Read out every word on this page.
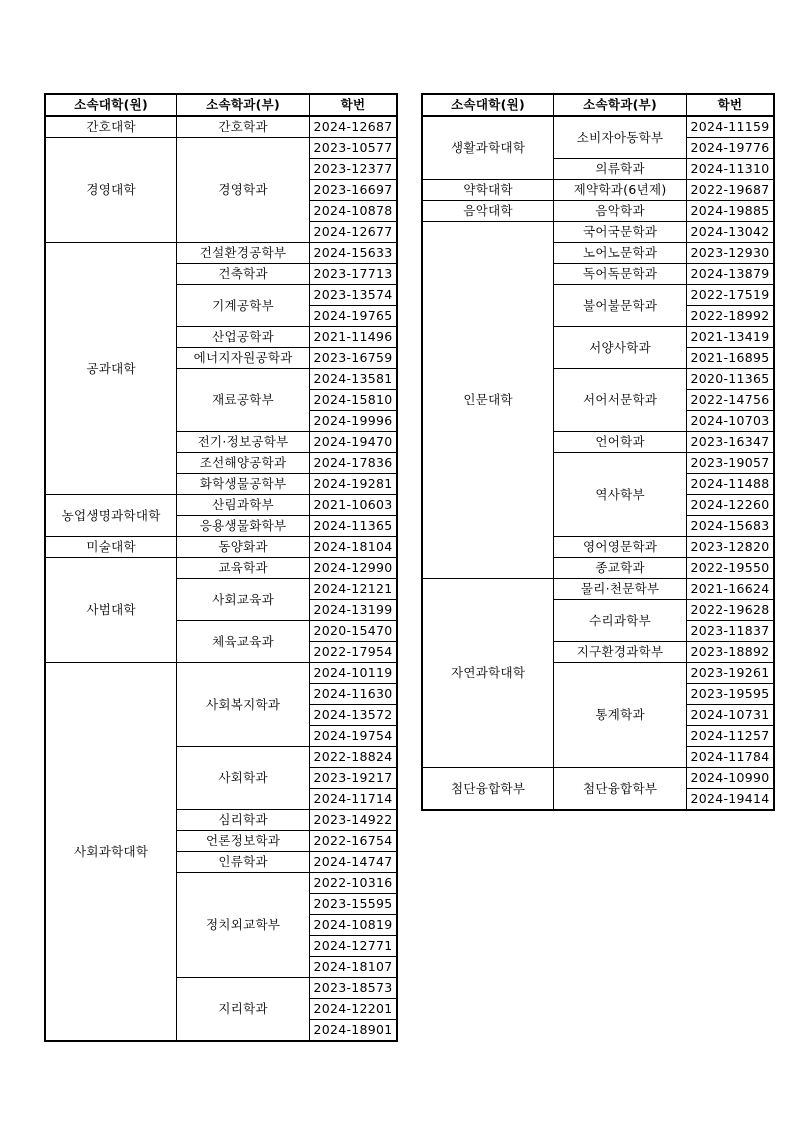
소속대학(원)	소속학과(부)	학번
간호대학	간호학과	2024-12687
경영대학	경영학과	2023-10577
		2023-12377
		2023-16697
		2024-10878
		2024-12677
공과대학	건설환경공학부	2024-15633
	건축학과	2023-17713
	기계공학부	2023-13574
		2024-19765
	산업공학과	2021-11496
	에너지자원공학과	2023-16759
	재료공학부	2024-13581
		2024-15810
		2024-19996
	전기·정보공학부	2024-19470
	조선해양공학과	2024-17836
	화학생물공학부	2024-19281
농업생명과학대학	산림과학부	2021-10603
	응용생물화학부	2024-11365
미술대학	동양화과	2024-18104
사범대학	교육학과	2024-12990
	사회교육과	2024-12121
		2024-13199
	체육교육과	2020-15470
		2022-17954
사회과학대학	사회복지학과	2024-10119
		2024-11630
		2024-13572
		2024-19754
	사회학과	2022-18824
		2023-19217
		2024-11714
	심리학과	2023-14922
	언론정보학과	2022-16754
	인류학과	2024-14747
	정치외교학부	2022-10316
		2023-15595
		2024-10819
		2024-12771
		2024-18107
	지리학과	2023-18573
		2024-12201
		2024-18901
소속대학(원)	소속학과(부)	학번
생활과학대학	소비자아동학부	2024-11159
		2024-19776
	의류학과	2024-11310
약학대학	제약학과(6년제)	2022-19687
음악대학	음악학과	2024-19885
인문대학	국어국문학과	2024-13042
	노어노문학과	2023-12930
	독어독문학과	2024-13879
	불어불문학과	2022-17519
		2022-18992
	서양사학과	2021-13419
		2021-16895
	서어서문학과	2020-11365
		2022-14756
		2024-10703
	언어학과	2023-16347
	역사학부	2023-19057
		2024-11488
		2024-12260
		2024-15683
	영어영문학과	2023-12820
	종교학과	2022-19550
자연과학대학	물리·천문학부	2021-16624
	수리과학부	2022-19628
		2023-11837
	지구환경과학부	2023-18892
	통계학과	2023-19261
		2023-19595
		2024-10731
		2024-11257
		2024-11784
첨단융합학부	첨단융합학부	2024-10990
		2024-19414
